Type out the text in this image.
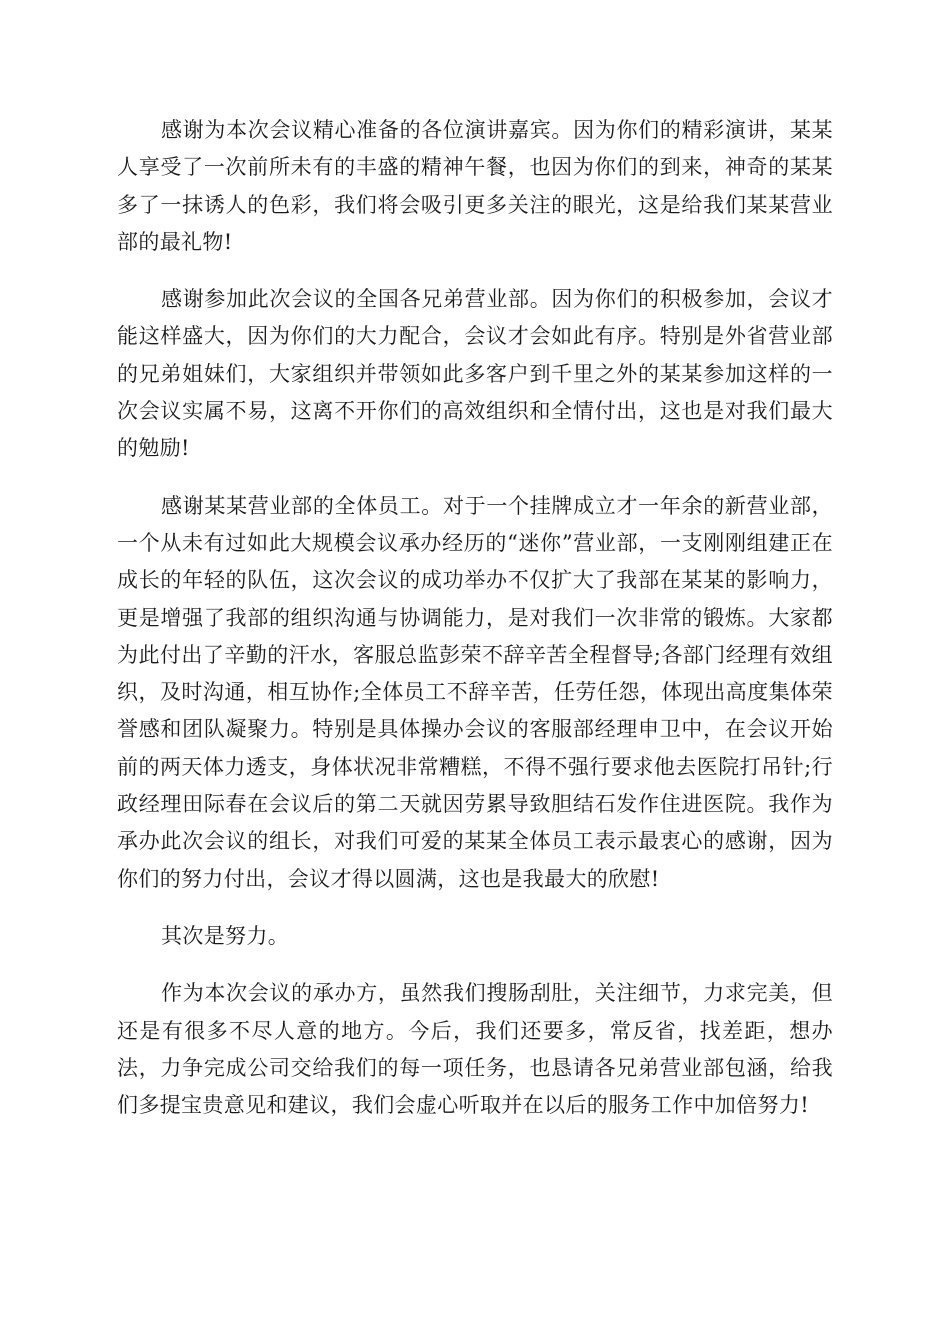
感谢为本次会议精心准备的各位演讲嘉宾。因为你们的精彩演讲，某某人享受了一次前所未有的丰盛的精神午餐，也因为你们的到来，神奇的某某多了一抹诱人的色彩，我们将会吸引更多关注的眼光，这是给我们某某营业部的最礼物!

感谢参加此次会议的全国各兄弟营业部。因为你们的积极参加，会议才能这样盛大，因为你们的大力配合，会议才会如此有序。特别是外省营业部的兄弟姐妹们，大家组织并带领如此多客户到千里之外的某某参加这样的一次会议实属不易，这离不开你们的高效组织和全情付出，这也是对我们最大的勉励!

感谢某某营业部的全体员工。对于一个挂牌成立才一年余的新营业部，一个从未有过如此大规模会议承办经历的“迷你”营业部，一支刚刚组建正在成长的年轻的队伍，这次会议的成功举办不仅扩大了我部在某某的影响力，更是增强了我部的组织沟通与协调能力，是对我们一次非常的锻炼。大家都为此付出了辛勤的汗水，客服总监彭荣不辞辛苦全程督导;各部门经理有效组织，及时沟通，相互协作;全体员工不辞辛苦，任劳任怨，体现出高度集体荣誉感和团队凝聚力。特别是具体操办会议的客服部经理申卫中，在会议开始前的两天体力透支，身体状况非常糟糕，不得不强行要求他去医院打吊针;行政经理田际春在会议后的第二天就因劳累导致胆结石发作住进医院。我作为承办此次会议的组长，对我们可爱的某某全体员工表示最衷心的感谢，因为你们的努力付出，会议才得以圆满，这也是我最大的欣慰!

其次是努力。

作为本次会议的承办方，虽然我们搜肠刮肚，关注细节，力求完美，但还是有很多不尽人意的地方。今后，我们还要多，常反省，找差距，想办法，力争完成公司交给我们的每一项任务，也恳请各兄弟营业部包涵，给我们多提宝贵意见和建议，我们会虚心听取并在以后的服务工作中加倍努力!
